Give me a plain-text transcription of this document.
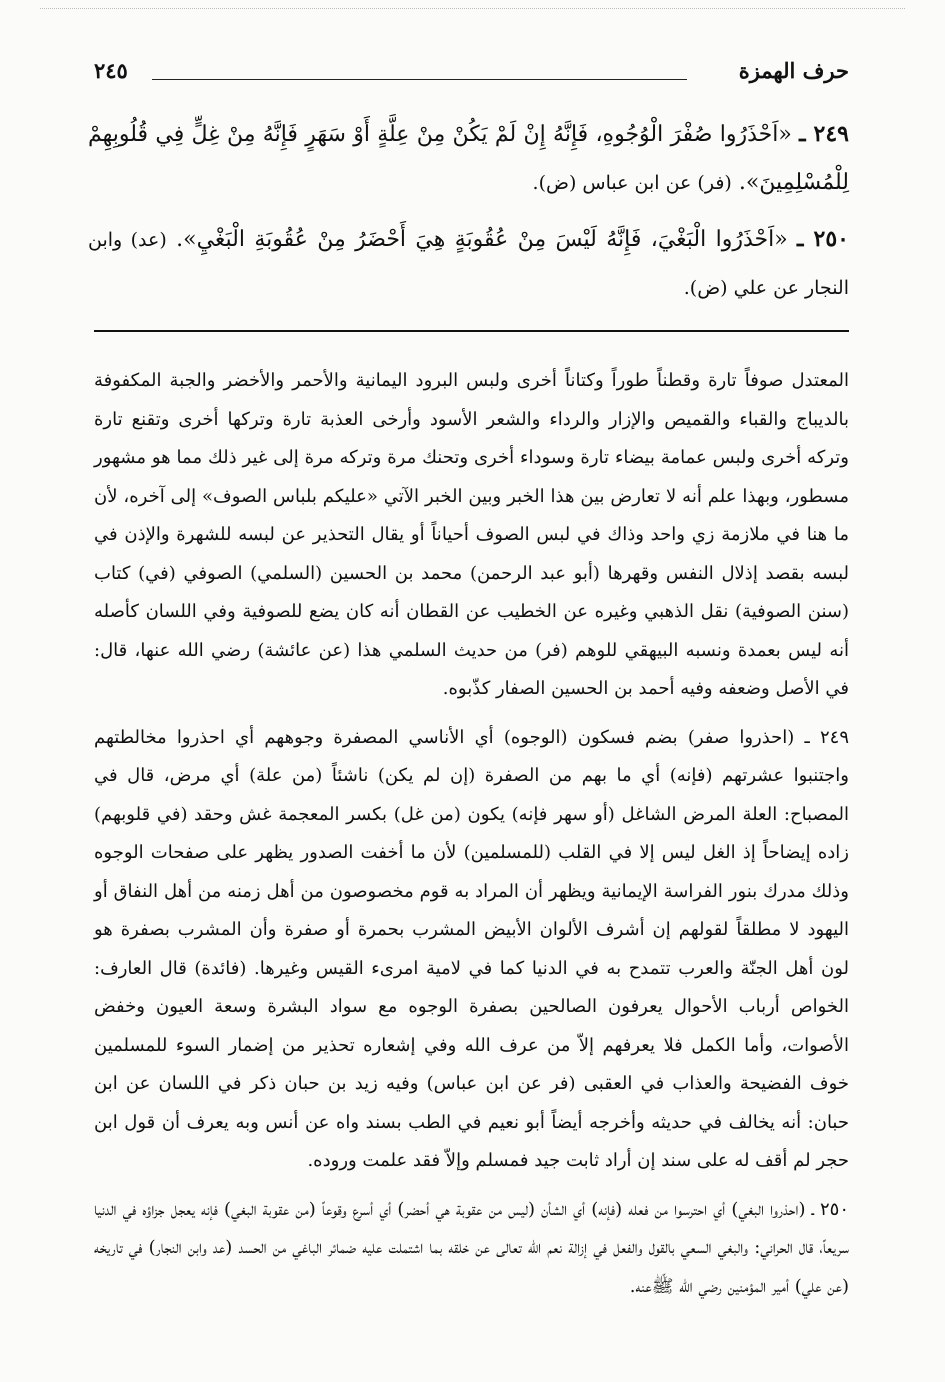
حرف الهمزة
٢٤٥

٢٤٩ ـ «اَحْذَرُوا صُفْرَ الْوُجُوهِ، فَإِنَّهُ إِنْ لَمْ يَكُنْ مِنْ عِلَّةٍ أَوْ سَهَرٍ فَإِنَّهُ مِنْ غِلٍّ فِي قُلُوبِهِمْ لِلْمُسْلِمِينَ». (فر) عن ابن عباس (ض).

٢٥٠ ـ «اَحْذَرُوا الْبَغْيَ، فَإِنَّهُ لَيْسَ مِنْ عُقُوبَةٍ هِيَ أَحْضَرُ مِنْ عُقُوبَةِ الْبَغْيِ». (عد) وابن النجار عن علي (ض).

المعتدل صوفاً تارة وقطناً طوراً وكتاناً أخرى ولبس البرود اليمانية والأحمر والأخضر والجبة المكفوفة بالديباج والقباء والقميص والإزار والرداء والشعر الأسود وأرخى العذبة تارة وتركها أخرى وتقنع تارة وتركه أخرى ولبس عمامة بيضاء تارة وسوداء أخرى وتحنك مرة وتركه مرة إلى غير ذلك مما هو مشهور مسطور، وبهذا علم أنه لا تعارض بين هذا الخبر وبين الخبر الآتي «عليكم بلباس الصوف» إلى آخره، لأن ما هنا في ملازمة زي واحد وذاك في لبس الصوف أحياناً أو يقال التحذير عن لبسه للشهرة والإذن في لبسه بقصد إذلال النفس وقهرها (أبو عبد الرحمن) محمد بن الحسين (السلمي) الصوفي (في) كتاب (سنن الصوفية) نقل الذهبي وغيره عن الخطيب عن القطان أنه كان يضع للصوفية وفي اللسان كأصله أنه ليس بعمدة ونسبه البيهقي للوهم (فر) من حديث السلمي هذا (عن عائشة) رضي الله عنها، قال: في الأصل وضعفه وفيه أحمد بن الحسين الصفار كذّبوه.

٢٤٩ ـ (احذروا صفر) بضم فسكون (الوجوه) أي الأناسي المصفرة وجوههم أي احذروا مخالطتهم واجتنبوا عشرتهم (فإنه) أي ما بهم من الصفرة (إن لم يكن) ناشئاً (من علة) أي مرض، قال في المصباح: العلة المرض الشاغل (أو سهر فإنه) يكون (من غل) بكسر المعجمة غش وحقد (في قلوبهم) زاده إيضاحاً إذ الغل ليس إلا في القلب (للمسلمين) لأن ما أخفت الصدور يظهر على صفحات الوجوه وذلك مدرك بنور الفراسة الإيمانية ويظهر أن المراد به قوم مخصوصون من أهل زمنه من أهل النفاق أو اليهود لا مطلقاً لقولهم إن أشرف الألوان الأبيض المشرب بحمرة أو صفرة وأن المشرب بصفرة هو لون أهل الجنّة والعرب تتمدح به في الدنيا كما في لامية امرىء القيس وغيرها. (فائدة) قال العارف: الخواص أرباب الأحوال يعرفون الصالحين بصفرة الوجوه مع سواد البشرة وسعة العيون وخفض الأصوات، وأما الكمل فلا يعرفهم إلاّ من عرف الله وفي إشعاره تحذير من إضمار السوء للمسلمين خوف الفضيحة والعذاب في العقبى (فر عن ابن عباس) وفيه زيد بن حبان ذكر في اللسان عن ابن حبان: أنه يخالف في حديثه وأخرجه أيضاً أبو نعيم في الطب بسند واه عن أنس وبه يعرف أن قول ابن حجر لم أقف له على سند إن أراد ثابت جيد فمسلم وإلاّ فقد علمت وروده.

٢٥٠ ـ (احذروا البغي) أي احترسوا من فعله (فإنه) أي الشأن (ليس من عقوبة هي أحضر) أي أسرع وقوعاً (من عقوبة البغي) فإنه يعجل جزاؤه في الدنيا سريعاً، قال الحراني: والبغي السعي بالقول والفعل في إزالة نعم الله تعالى عن خلقه بما اشتملت عليه ضمائر الباغي من الحسد (عد وابن النجار) في تاريخه (عن علي) أمير المؤمنين رضي الله ﷺعنه.
